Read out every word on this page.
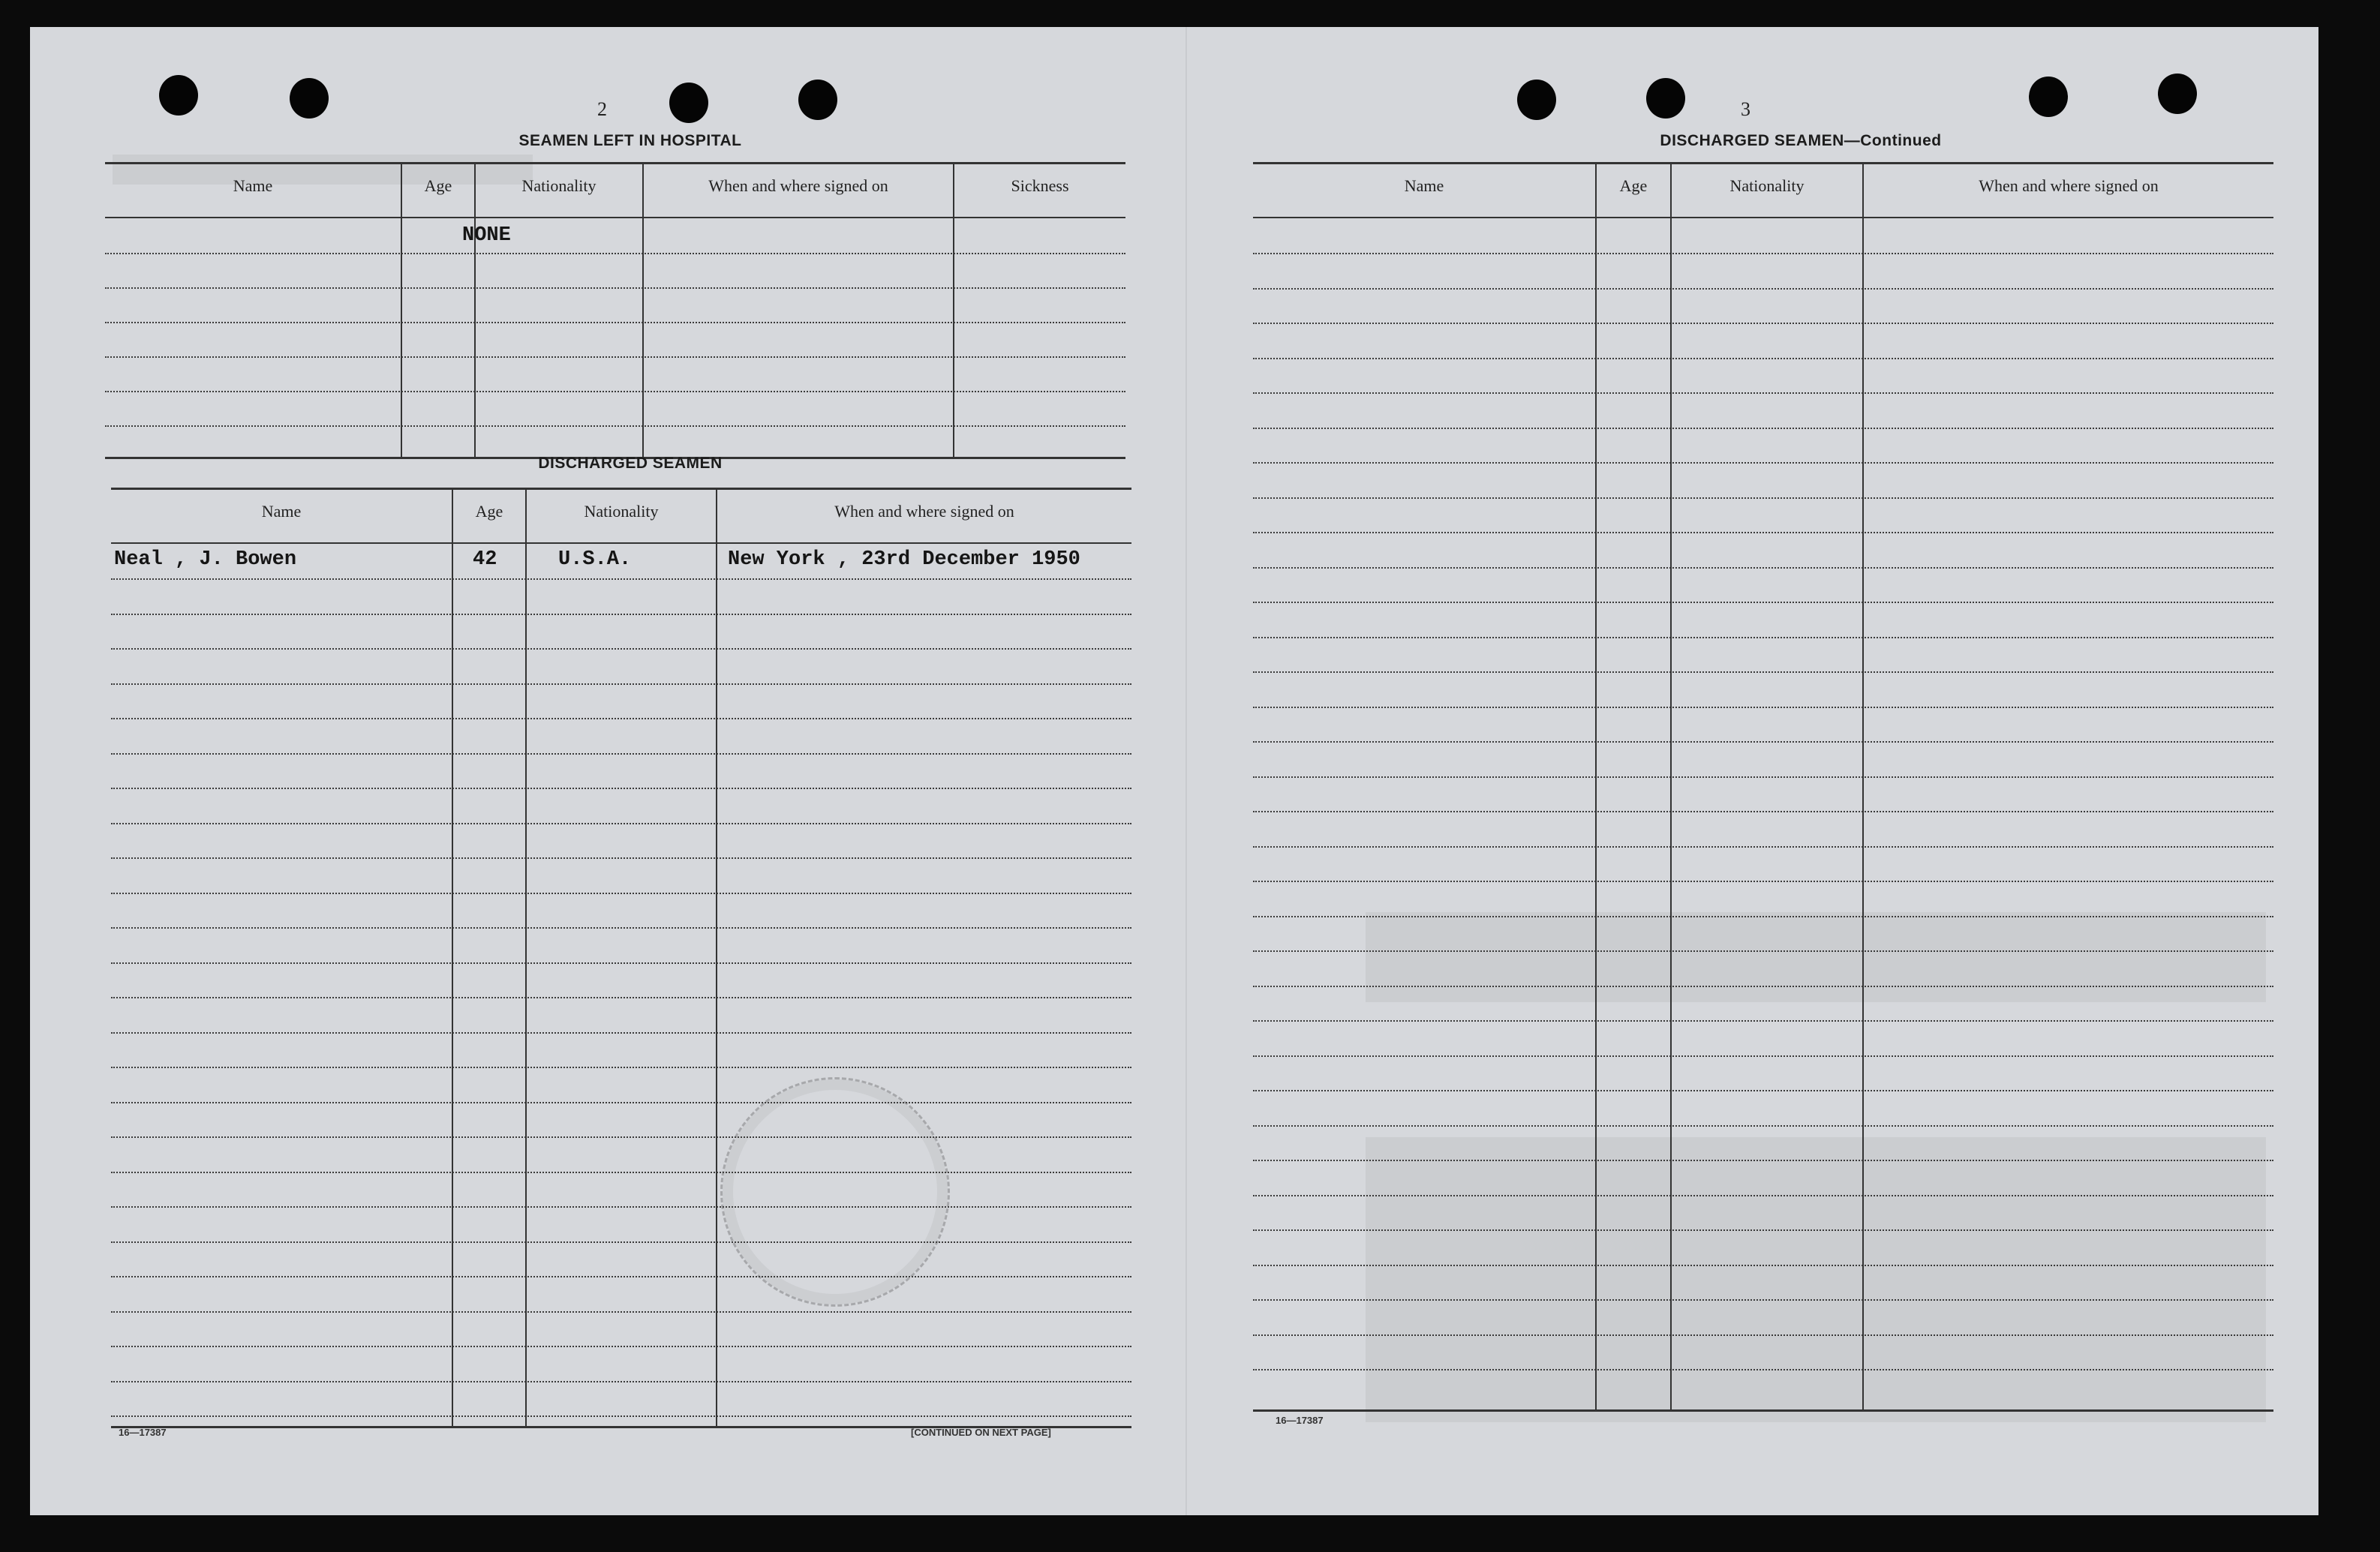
2
SEAMEN LEFT IN HOSPITAL
Name	Age	Nationality	When and where signed on	Sickness
NONE
DISCHARGED SEAMEN
Name	Age	Nationality	When and where signed on
Neal , J. Bowen	42	U.S.A.	New York , 23rd December 1950
16—17387	[CONTINUED ON NEXT PAGE]
3
DISCHARGED SEAMEN—Continued
Name	Age	Nationality	When and where signed on
16—17387
